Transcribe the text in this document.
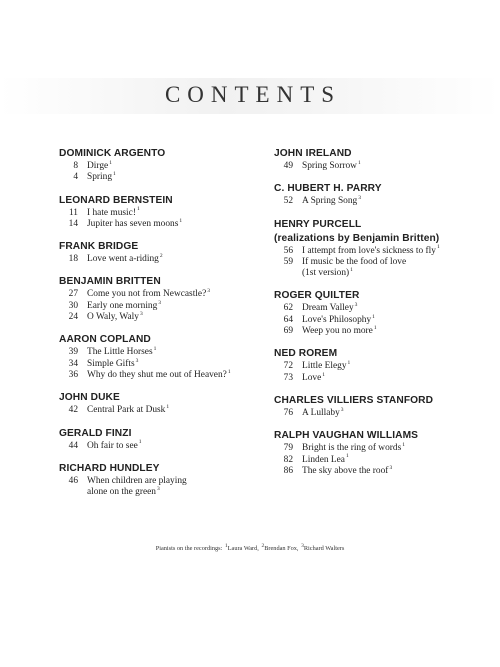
CONTENTS
DOMINICK ARGENTO
8 Dirge$^1$
4 Spring$^1$
LEONARD BERNSTEIN
11 I hate music!$^1$
14 Jupiter has seven moons$^1$
FRANK BRIDGE
18 Love went a-riding$^2$
BENJAMIN BRITTEN
27 Come you not from Newcastle?$^3$
30 Early one morning$^3$
24 O Waly, Waly$^3$
AARON COPLAND
39 The Little Horses$^1$
34 Simple Gifts$^3$
36 Why do they shut me out of Heaven?$^1$
JOHN DUKE
42 Central Park at Dusk$^1$
GERALD FINZI
44 Oh fair to see$^1$
RICHARD HUNDLEY
46 When children are playing
alone on the green$^3$
JOHN IRELAND
49 Spring Sorrow$^1$
C. HUBERT H. PARRY
52 A Spring Song$^3$
HENRY PURCELL
(realizations by Benjamin Britten)
56 I attempt from love's sickness to fly$^1$
59 If music be the food of love
(1st version)$^1$
ROGER QUILTER
62 Dream Valley$^3$
64 Love's Philosophy$^1$
69 Weep you no more$^1$
NED ROREM
72 Little Elegy$^1$
73 Love$^1$
CHARLES VILLIERS STANFORD
76 A Lullaby$^3$
RALPH VAUGHAN WILLIAMS
79 Bright is the ring of words$^1$
82 Linden Lea$^1$
86 The sky above the roof$^3$
Pianists on the recordings: $^1$Laura Ward, $^2$Brendan Fox, $^3$Richard Walters
